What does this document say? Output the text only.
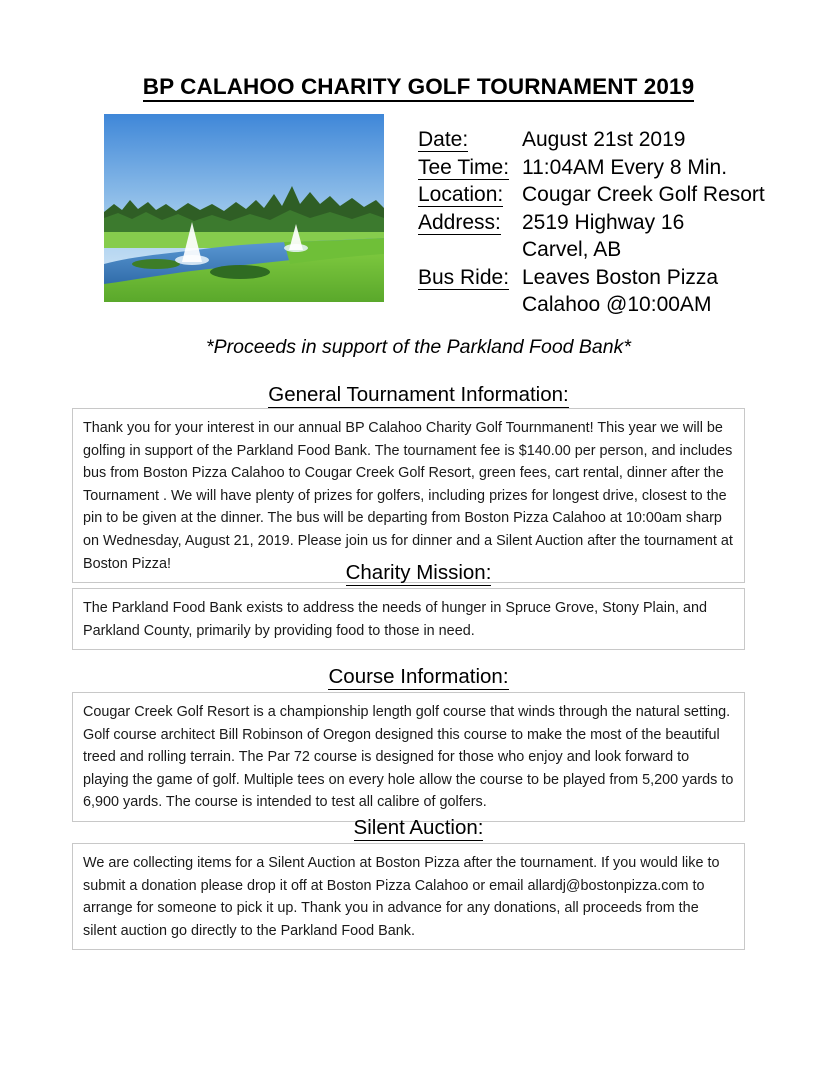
BP CALAHOO CHARITY GOLF TOURNAMENT 2019
Date:	August 21st 2019
Tee Time: 11:04AM Every 8 Min.
Location: Cougar Creek Golf Resort
Address:	2519 Highway 16
Carvel, AB
Bus Ride: Leaves Boston Pizza
Calahoo @10:00AM
*Proceeds in support of the Parkland Food Bank*
General Tournament Information:

Thank you for your interest in our annual BP Calahoo Charity Golf Tournmanent! This year we will be golfing in support of the Parkland Food Bank. The tournament fee is $140.00 per person, and includes bus from Boston Pizza Calahoo to Cougar Creek Golf Resort, green fees, cart rental, dinner after the Tournament . We will have plenty of prizes for golfers, including prizes for longest drive, closest to the pin to be given at the dinner. The bus will be departing from Boston Pizza Calahoo at 10:00am sharp on Wednesday, August 21, 2019. Please join us for dinner and a Silent Auction after the tournament at Boston Pizza!	Charity Mission:

The Parkland Food Bank exists to address the needs of hunger in Spruce Grove, Stony Plain, and Parkland County, primarily by providing food to those in need.

Course Information:

Cougar Creek Golf Resort is a championship length golf course that winds through the natural setting. Golf course architect Bill Robinson of Oregon designed this course to make the most of the beautiful treed and rolling terrain. The Par 72 course is designed for those who enjoy and look forward to playing the game of golf. Multiple tees on every hole allow the course to be played from 5,200 yards to 6,900 yards. The course is intended to test all calibre of golfers.

Silent Auction:

We are collecting items for a Silent Auction at Boston Pizza after the tournament. If you would like to submit a donation please drop it off at Boston Pizza Calahoo or email allardj@bostonpizza.com to arrange for someone to pick it up. Thank you in advance for any donations, all proceeds from the silent auction go directly to the Parkland Food Bank.
